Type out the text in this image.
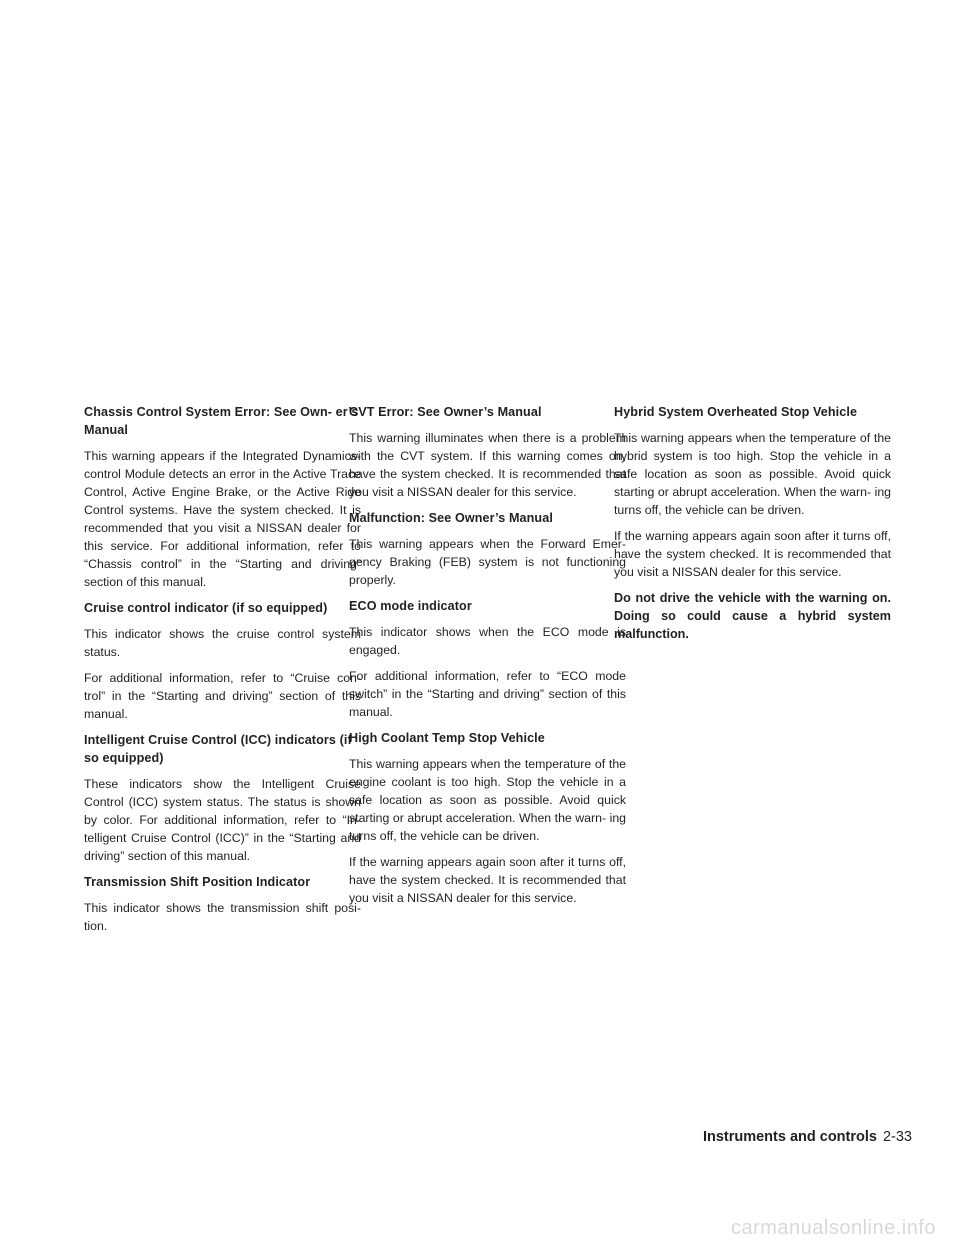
Chassis Control System Error: See Own- er’s Manual
This warning appears if the Integrated Dynamics-control Module detects an error in the Active Trace Control, Active Engine Brake, or the Active Ride Control systems. Have the system checked. It is recommended that you visit a NISSAN dealer for this service. For additional information, refer to “Chassis control” in the “Starting and driving” section of this manual.
Cruise control indicator (if so equipped)
This indicator shows the cruise control system status.
For additional information, refer to “Cruise con- trol” in the “Starting and driving” section of this manual.
Intelligent Cruise Control (ICC) indicators (if so equipped)
These indicators show the Intelligent Cruise Control (ICC) system status. The status is shown by color. For additional information, refer to “In- telligent Cruise Control (ICC)” in the “Starting and driving” section of this manual.
Transmission Shift Position Indicator
This indicator shows the transmission shift posi- tion.
CVT Error: See Owner’s Manual
This warning illuminates when there is a problem with the CVT system. If this warning comes on, have the system checked. It is recommended that you visit a NISSAN dealer for this service.
Malfunction: See Owner’s Manual
This warning appears when the Forward Emer- gency Braking (FEB) system is not functioning properly.
ECO mode indicator
This indicator shows when the ECO mode is engaged.
For additional information, refer to “ECO mode switch” in the “Starting and driving” section of this manual.
High Coolant Temp Stop Vehicle
This warning appears when the temperature of the engine coolant is too high. Stop the vehicle in a safe location as soon as possible. Avoid quick starting or abrupt acceleration. When the warn- ing turns off, the vehicle can be driven.
If the warning appears again soon after it turns off, have the system checked. It is recommended that you visit a NISSAN dealer for this service.
Hybrid System Overheated Stop Vehicle
This warning appears when the temperature of the hybrid system is too high. Stop the vehicle in a safe location as soon as possible. Avoid quick starting or abrupt acceleration. When the warn- ing turns off, the vehicle can be driven.
If the warning appears again soon after it turns off, have the system checked. It is recommended that you visit a NISSAN dealer for this service.
Do not drive the vehicle with the warning on. Doing so could cause a hybrid system malfunction.
Instruments and controls 2-33
carmanualsonline.info
